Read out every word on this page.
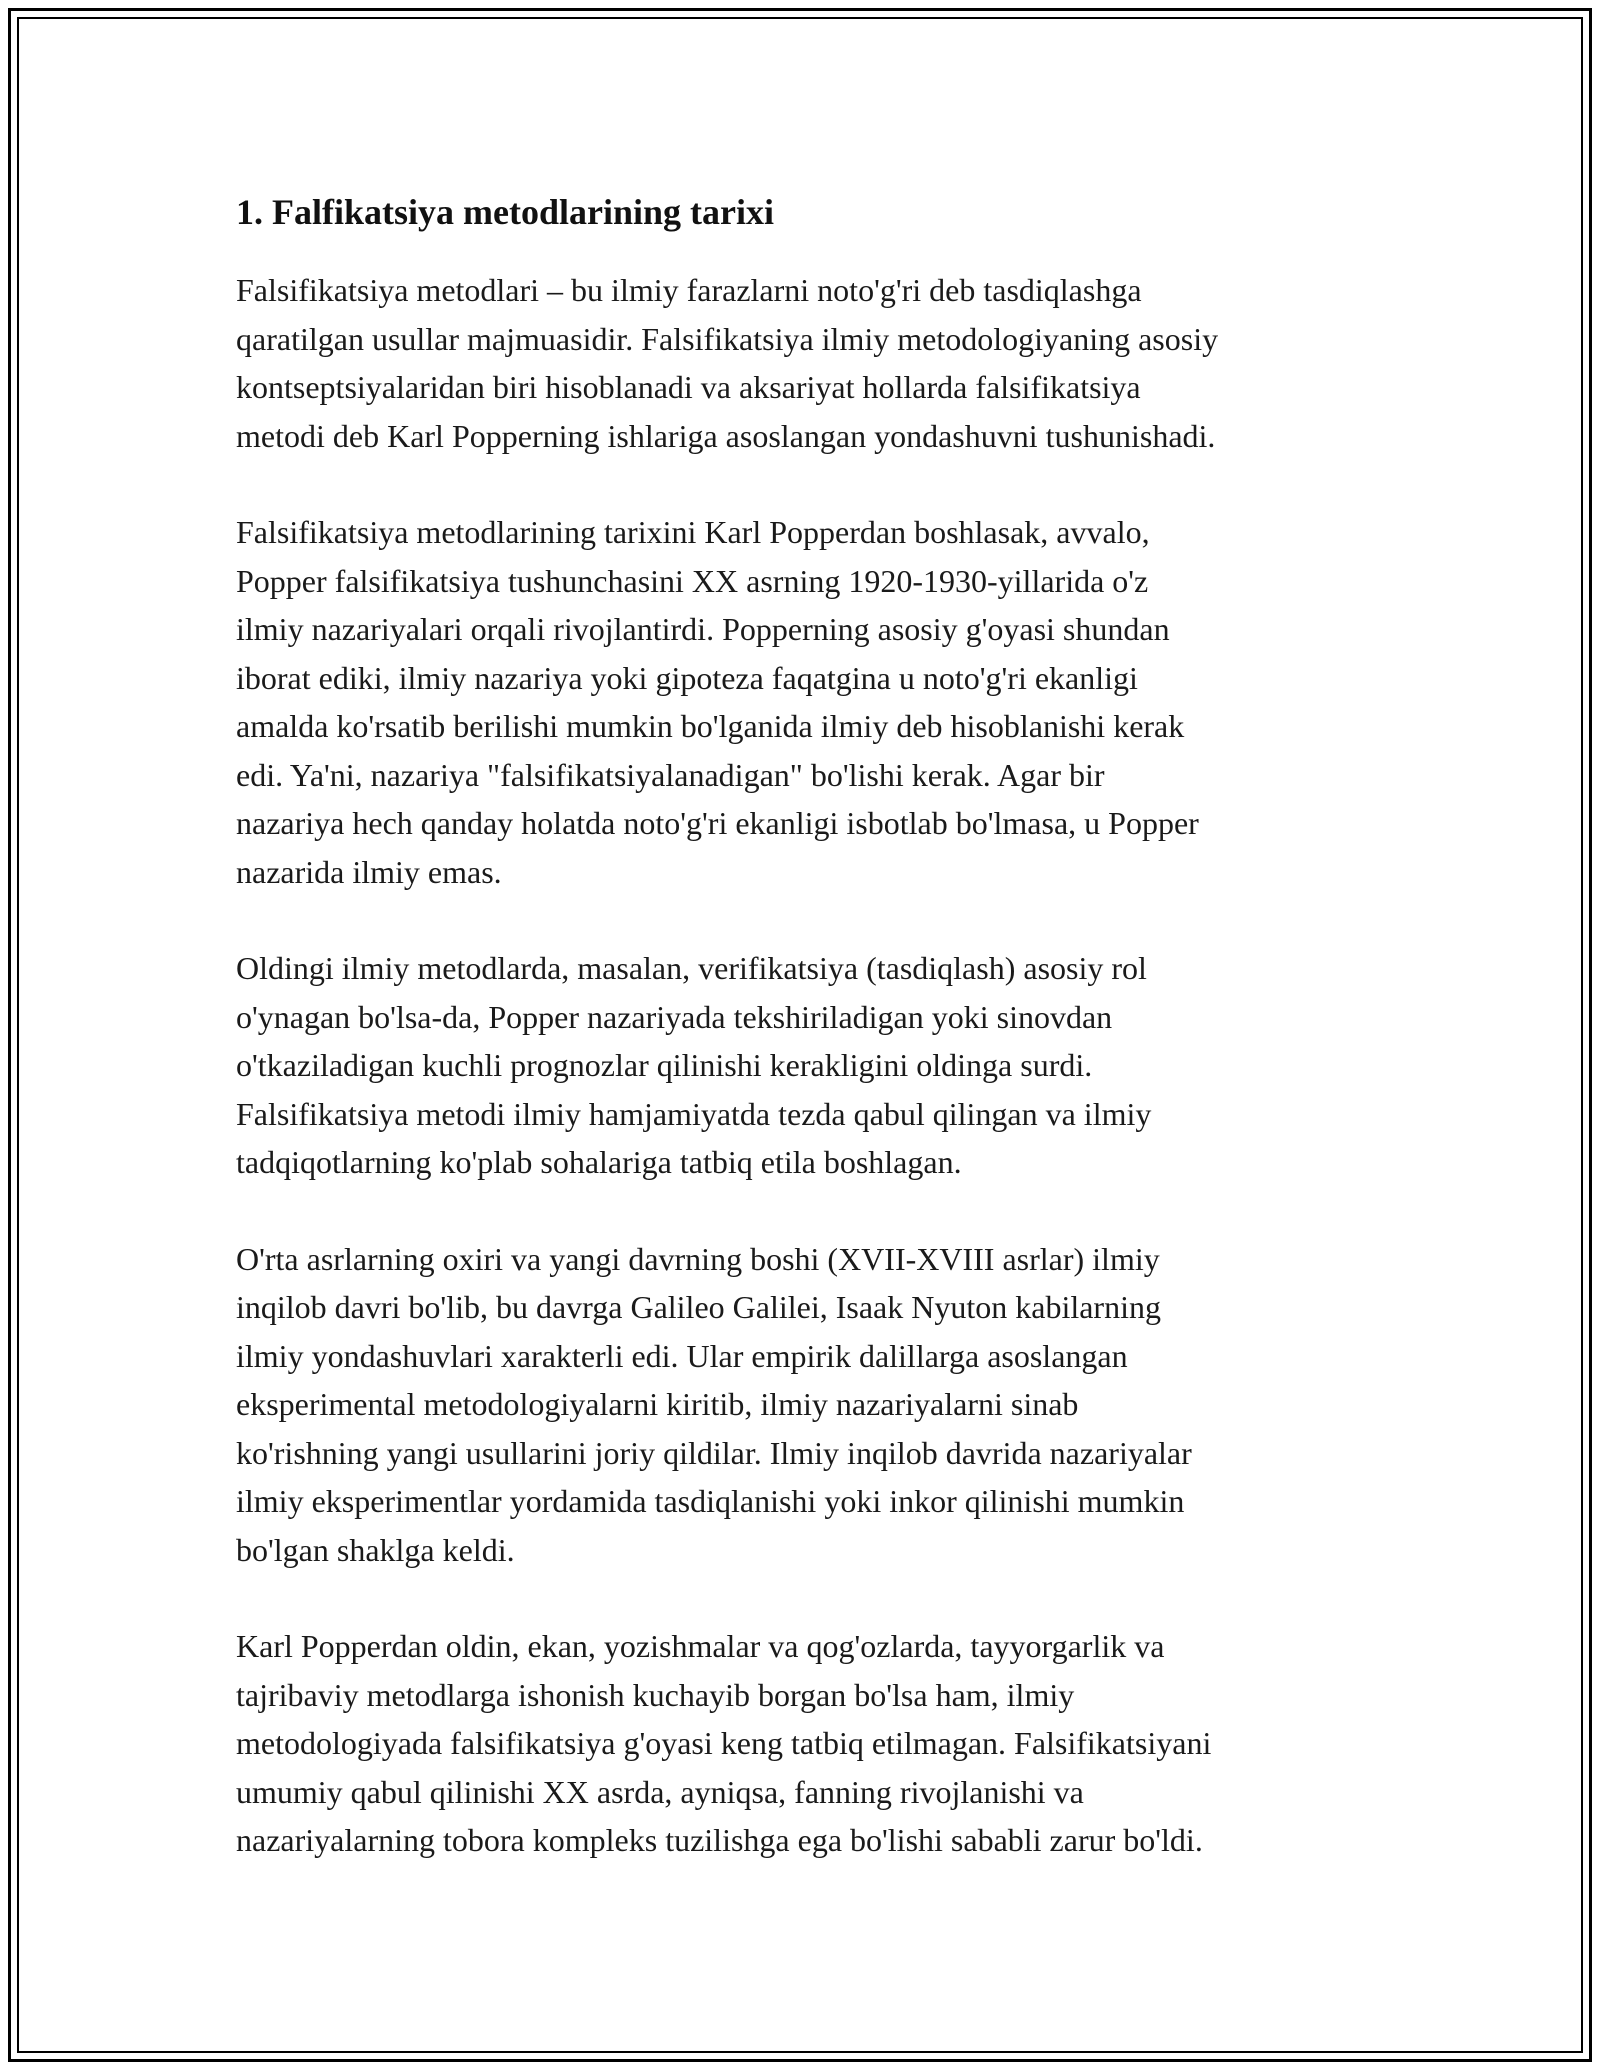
1. Falfikatsiya metodlarining tarixi

Falsifikatsiya metodlari – bu ilmiy farazlarni noto'g'ri deb tasdiqlashga
qaratilgan usullar majmuasidir. Falsifikatsiya ilmiy metodologiyaning asosiy
kontseptsiyalaridan biri hisoblanadi va aksariyat hollarda falsifikatsiya
metodi deb Karl Popperning ishlariga asoslangan yondashuvni tushunishadi.

Falsifikatsiya metodlarining tarixini Karl Popperdan boshlasak, avvalo,
Popper falsifikatsiya tushunchasini XX asrning 1920-1930-yillarida o'z
ilmiy nazariyalari orqali rivojlantirdi. Popperning asosiy g'oyasi shundan
iborat ediki, ilmiy nazariya yoki gipoteza faqatgina u noto'g'ri ekanligi
amalda ko'rsatib berilishi mumkin bo'lganida ilmiy deb hisoblanishi kerak
edi. Ya'ni, nazariya "falsifikatsiyalanadigan" bo'lishi kerak. Agar bir
nazariya hech qanday holatda noto'g'ri ekanligi isbotlab bo'lmasa, u Popper
nazarida ilmiy emas.

Oldingi ilmiy metodlarda, masalan, verifikatsiya (tasdiqlash) asosiy rol
o'ynagan bo'lsa-da, Popper nazariyada tekshiriladigan yoki sinovdan
o'tkaziladigan kuchli prognozlar qilinishi kerakligini oldinga surdi.
Falsifikatsiya metodi ilmiy hamjamiyatda tezda qabul qilingan va ilmiy
tadqiqotlarning ko'plab sohalariga tatbiq etila boshlagan.

O'rta asrlarning oxiri va yangi davrning boshi (XVII-XVIII asrlar) ilmiy
inqilob davri bo'lib, bu davrga Galileo Galilei, Isaak Nyuton kabilarning
ilmiy yondashuvlari xarakterli edi. Ular empirik dalillarga asoslangan
eksperimental metodologiyalarni kiritib, ilmiy nazariyalarni sinab
ko'rishning yangi usullarini joriy qildilar. Ilmiy inqilob davrida nazariyalar
ilmiy eksperimentlar yordamida tasdiqlanishi yoki inkor qilinishi mumkin
bo'lgan shaklga keldi.

Karl Popperdan oldin, ekan, yozishmalar va qog'ozlarda, tayyorgarlik va
tajribaviy metodlarga ishonish kuchayib borgan bo'lsa ham, ilmiy
metodologiyada falsifikatsiya g'oyasi keng tatbiq etilmagan. Falsifikatsiyani
umumiy qabul qilinishi XX asrda, ayniqsa, fanning rivojlanishi va
nazariyalarning tobora kompleks tuzilishga ega bo'lishi sababli zarur bo'ldi.
